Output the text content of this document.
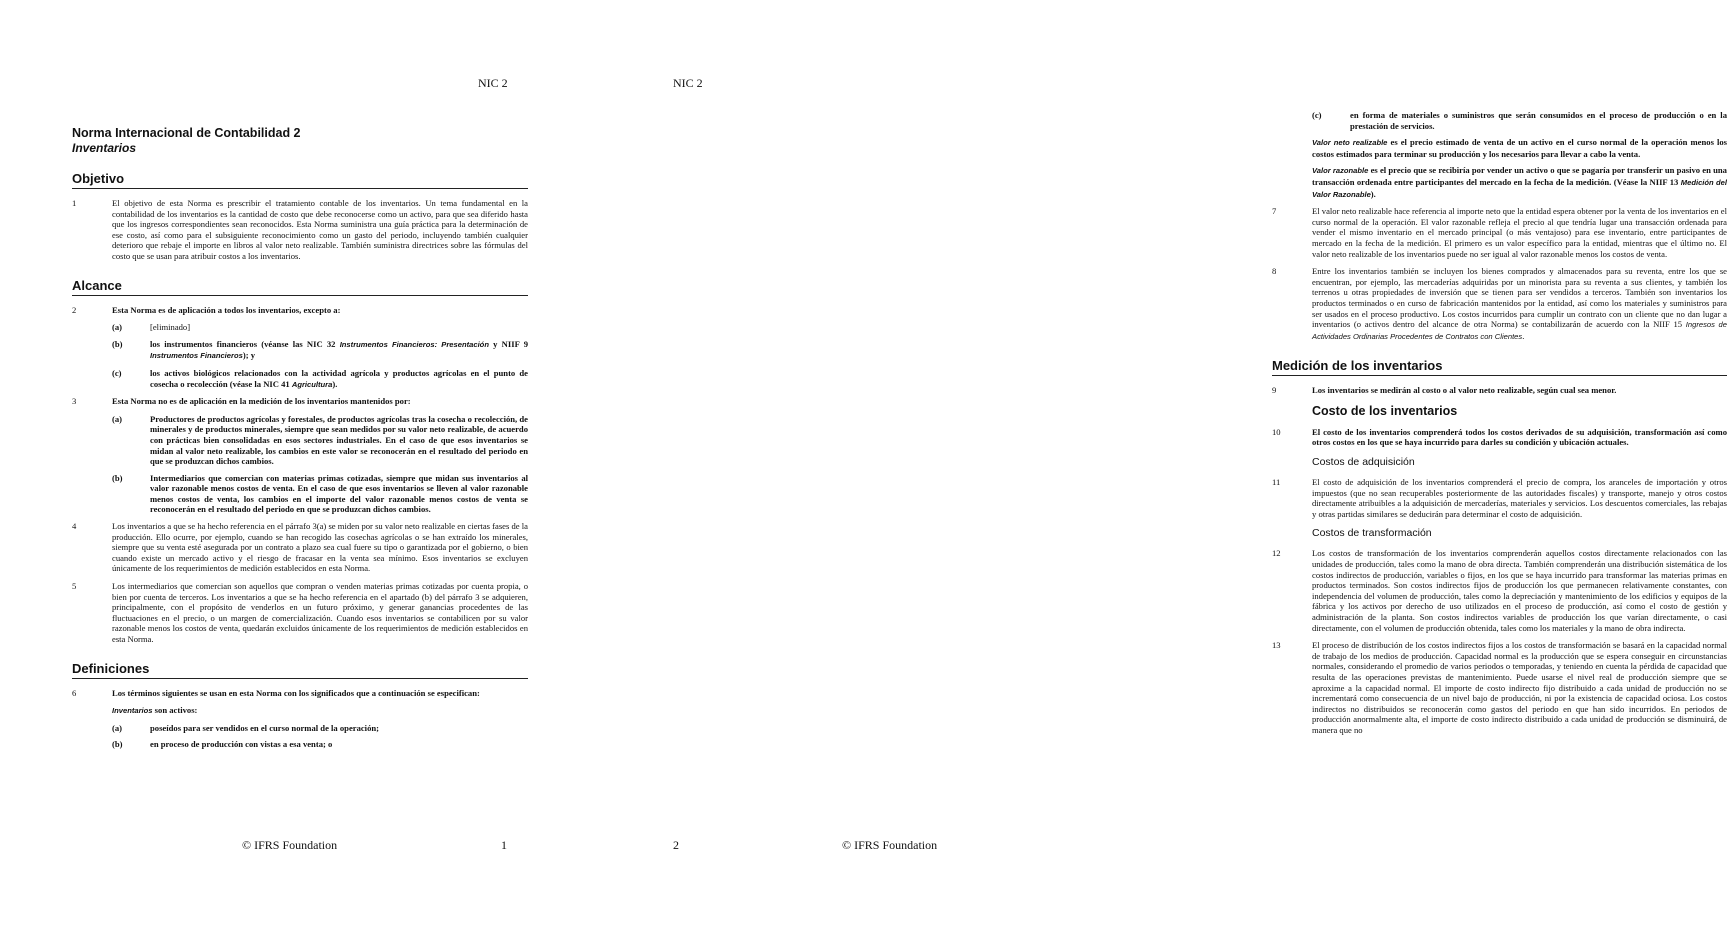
NIC 2
Norma Internacional de Contabilidad 2
Inventarios
Objetivo
1	El objetivo de esta Norma es prescribir el tratamiento contable de los inventarios. Un tema fundamental en la contabilidad de los inventarios es la cantidad de costo que debe reconocerse como un activo, para que sea diferido hasta que los ingresos correspondientes sean reconocidos. Esta Norma suministra una guía práctica para la determinación de ese costo, así como para el subsiguiente reconocimiento como un gasto del periodo, incluyendo también cualquier deterioro que rebaje el importe en libros al valor neto realizable. También suministra directrices sobre las fórmulas del costo que se usan para atribuir costos a los inventarios.
Alcance
2	Esta Norma es de aplicación a todos los inventarios, excepto a:
(a)	[eliminado]
(b)	los instrumentos financieros (véanse las NIC 32 Instrumentos Financieros: Presentación y NIIF 9 Instrumentos Financieros); y
(c)	los activos biológicos relacionados con la actividad agrícola y productos agrícolas en el punto de cosecha o recolección (véase la NIC 41 Agricultura).
3	Esta Norma no es de aplicación en la medición de los inventarios mantenidos por:
(a)	Productores de productos agrícolas y forestales, de productos agrícolas tras la cosecha o recolección, de minerales y de productos minerales, siempre que sean medidos por su valor neto realizable, de acuerdo con prácticas bien consolidadas en esos sectores industriales. En el caso de que esos inventarios se midan al valor neto realizable, los cambios en este valor se reconocerán en el resultado del periodo en que se produzcan dichos cambios.
(b)	Intermediarios que comercian con materias primas cotizadas, siempre que midan sus inventarios al valor razonable menos costos de venta. En el caso de que esos inventarios se lleven al valor razonable menos costos de venta, los cambios en el importe del valor razonable menos costos de venta se reconocerán en el resultado del periodo en que se produzcan dichos cambios.
4	Los inventarios a que se ha hecho referencia en el párrafo 3(a) se miden por su valor neto realizable en ciertas fases de la producción. Ello ocurre, por ejemplo, cuando se han recogido las cosechas agrícolas o se han extraído los minerales, siempre que su venta esté asegurada por un contrato a plazo sea cual fuere su tipo o garantizada por el gobierno, o bien cuando existe un mercado activo y el riesgo de fracasar en la venta sea mínimo. Esos inventarios se excluyen únicamente de los requerimientos de medición establecidos en esta Norma.
5	Los intermediarios que comercian son aquellos que compran o venden materias primas cotizadas por cuenta propia, o bien por cuenta de terceros. Los inventarios a que se ha hecho referencia en el apartado (b) del párrafo 3 se adquieren, principalmente, con el propósito de venderlos en un futuro próximo, y generar ganancias procedentes de las fluctuaciones en el precio, o un margen de comercialización. Cuando esos inventarios se contabilicen por su valor razonable menos los costos de venta, quedarán excluidos únicamente de los requerimientos de medición establecidos en esta Norma.
Definiciones
6	Los términos siguientes se usan en esta Norma con los significados que a continuación se especifican:
Inventarios son activos:
(a)	poseídos para ser vendidos en el curso normal de la operación;
(b)	en proceso de producción con vistas a esa venta; o
© IFRS Foundation	1
NIC 2
(c)	en forma de materiales o suministros que serán consumidos en el proceso de producción o en la prestación de servicios.
Valor neto realizable es el precio estimado de venta de un activo en el curso normal de la operación menos los costos estimados para terminar su producción y los necesarios para llevar a cabo la venta.
Valor razonable es el precio que se recibiría por vender un activo o que se pagaría por transferir un pasivo en una transacción ordenada entre participantes del mercado en la fecha de la medición. (Véase la NIIF 13 Medición del Valor Razonable).
7	El valor neto realizable hace referencia al importe neto que la entidad espera obtener por la venta de los inventarios en el curso normal de la operación. El valor razonable refleja el precio al que tendría lugar una transacción ordenada para vender el mismo inventario en el mercado principal (o más ventajoso) para ese inventario, entre participantes de mercado en la fecha de la medición. El primero es un valor específico para la entidad, mientras que el último no. El valor neto realizable de los inventarios puede no ser igual al valor razonable menos los costos de venta.
8	Entre los inventarios también se incluyen los bienes comprados y almacenados para su reventa, entre los que se encuentran, por ejemplo, las mercaderías adquiridas por un minorista para su reventa a sus clientes, y también los terrenos u otras propiedades de inversión que se tienen para ser vendidos a terceros. También son inventarios los productos terminados o en curso de fabricación mantenidos por la entidad, así como los materiales y suministros para ser usados en el proceso productivo. Los costos incurridos para cumplir un contrato con un cliente que no dan lugar a inventarios (o activos dentro del alcance de otra Norma) se contabilizarán de acuerdo con la NIIF 15 Ingresos de Actividades Ordinarias Procedentes de Contratos con Clientes.
Medición de los inventarios
9	Los inventarios se medirán al costo o al valor neto realizable, según cual sea menor.
Costo de los inventarios
10	El costo de los inventarios comprenderá todos los costos derivados de su adquisición, transformación así como otros costos en los que se haya incurrido para darles su condición y ubicación actuales.
Costos de adquisición
11	El costo de adquisición de los inventarios comprenderá el precio de compra, los aranceles de importación y otros impuestos (que no sean recuperables posteriormente de las autoridades fiscales) y transporte, manejo y otros costos directamente atribuibles a la adquisición de mercaderías, materiales y servicios. Los descuentos comerciales, las rebajas y otras partidas similares se deducirán para determinar el costo de adquisición.
Costos de transformación
12	Los costos de transformación de los inventarios comprenderán aquellos costos directamente relacionados con las unidades de producción, tales como la mano de obra directa. También comprenderán una distribución sistemática de los costos indirectos de producción, variables o fijos, en los que se haya incurrido para transformar las materias primas en productos terminados. Son costos indirectos fijos de producción los que permanecen relativamente constantes, con independencia del volumen de producción, tales como la depreciación y mantenimiento de los edificios y equipos de la fábrica y los activos por derecho de uso utilizados en el proceso de producción, así como el costo de gestión y administración de la planta. Son costos indirectos variables de producción los que varían directamente, o casi directamente, con el volumen de producción obtenida, tales como los materiales y la mano de obra indirecta.
13	El proceso de distribución de los costos indirectos fijos a los costos de transformación se basará en la capacidad normal de trabajo de los medios de producción. Capacidad normal es la producción que se espera conseguir en circunstancias normales, considerando el promedio de varios periodos o temporadas, y teniendo en cuenta la pérdida de capacidad que resulta de las operaciones previstas de mantenimiento. Puede usarse el nivel real de producción siempre que se aproxime a la capacidad normal. El importe de costo indirecto fijo distribuido a cada unidad de producción no se incrementará como consecuencia de un nivel bajo de producción, ni por la existencia de capacidad ociosa. Los costos indirectos no distribuidos se reconocerán como gastos del periodo en que han sido incurridos. En periodos de producción anormalmente alta, el importe de costo indirecto distribuido a cada unidad de producción se disminuirá, de manera que no
2	© IFRS Foundation
